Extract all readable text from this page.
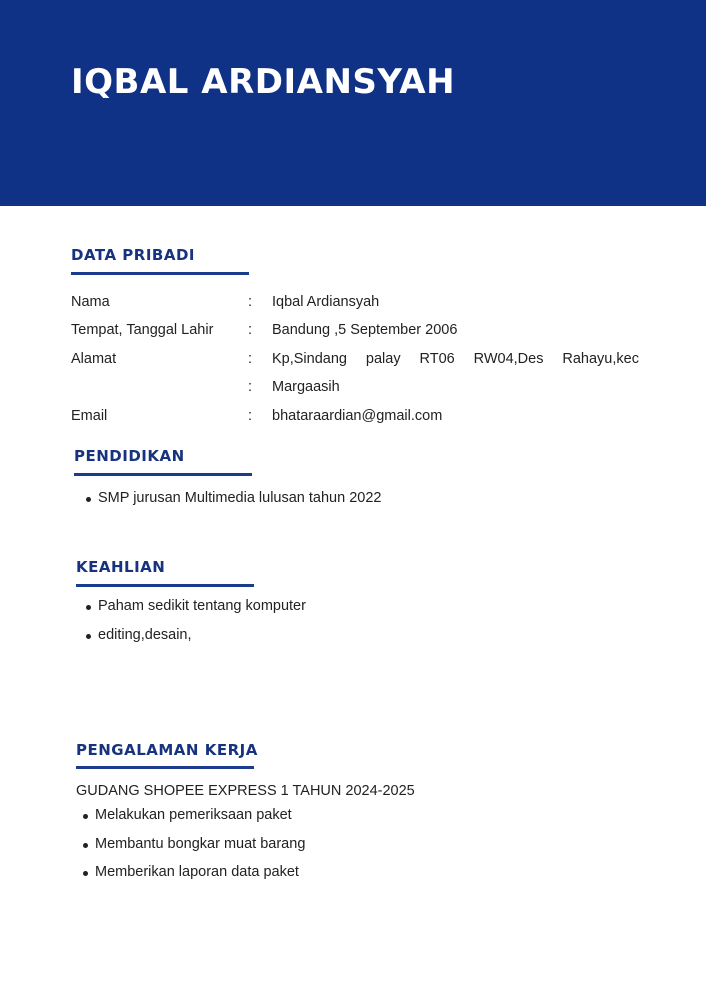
IQBAL ARDIANSYAH
DATA PRIBADI
Nama	: Iqbal Ardiansyah
Tempat, Tanggal Lahir : Bandung ,5 September 2006
Alamat	: Kp,Sindang palay RT06 RW04,Des Rahayu,kec
: Margaasih
Email	: bhataraardian@gmail.com
PENDIDIKAN
SMP jurusan Multimedia lulusan tahun 2022
KEAHLIAN
Paham sedikit tentang komputer
editing,desain,
PENGALAMAN KERJA
GUDANG SHOPEE EXPRESS 1 TAHUN 2024-2025
Melakukan pemeriksaan paket
Membantu bongkar muat barang
Memberikan laporan data paket
